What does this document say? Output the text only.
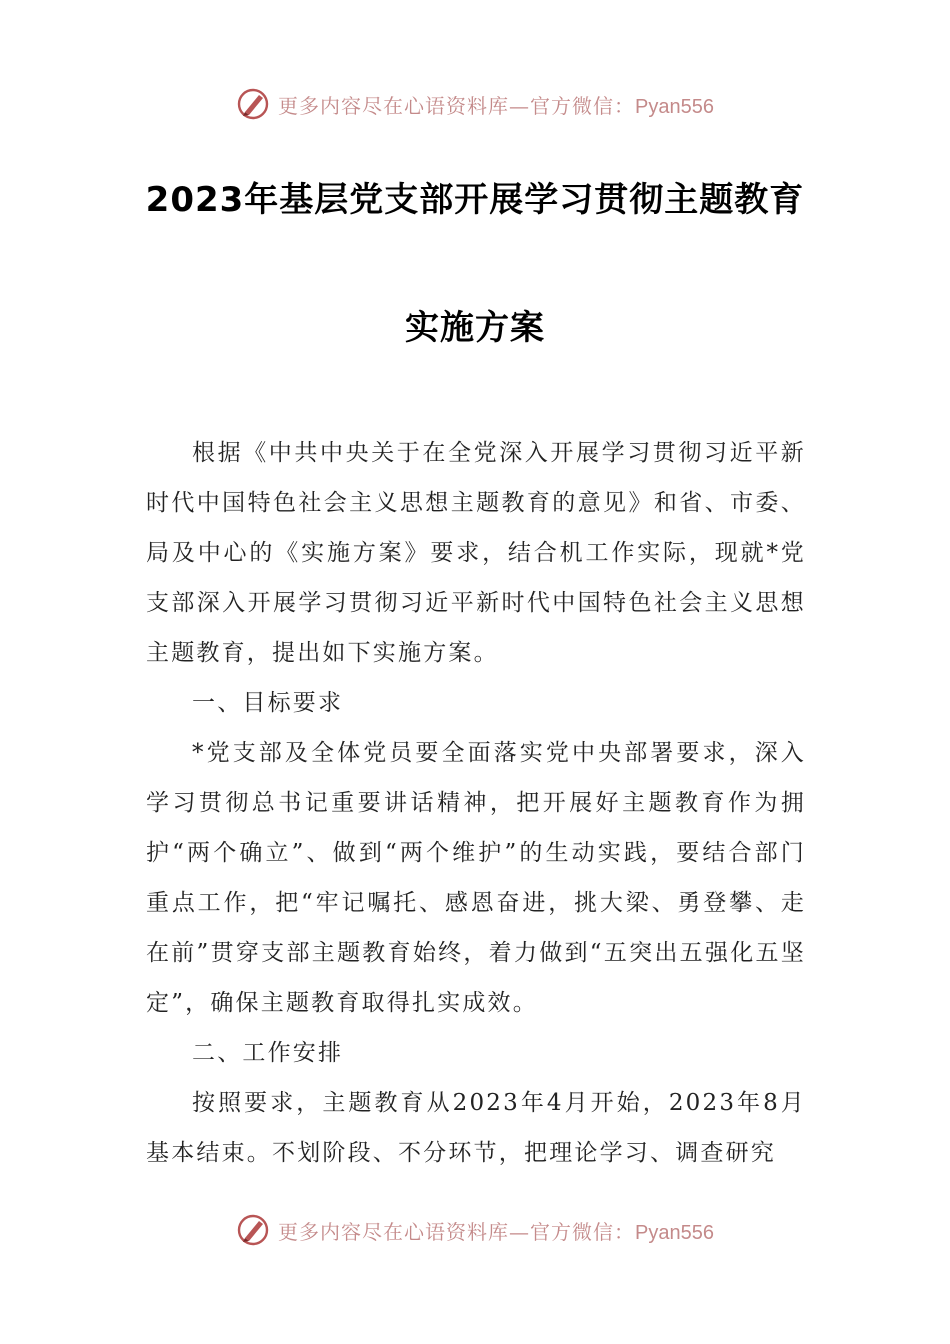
更多内容尽在心语资料库—官方微信：Pyan556
2023年基层党支部开展学习贯彻主题教育
实施方案

根据《中共中央关于在全党深入开展学习贯彻习近平新时代中国特色社会主义思想主题教育的意见》和省、市委、局及中心的《实施方案》要求，结合机工作实际，现就*党支部深入开展学习贯彻习近平新时代中国特色社会主义思想主题教育，提出如下实施方案。

一、目标要求

*党支部及全体党员要全面落实党中央部署要求，深入学习贯彻总书记重要讲话精神，把开展好主题教育作为拥护“两个确立”、做到“两个维护”的生动实践，要结合部门重点工作，把“牢记嘱托、感恩奋进，挑大梁、勇登攀、走在前”贯穿支部主题教育始终，着力做到“五突出五强化五坚定”，确保主题教育取得扎实成效。

二、工作安排

按照要求，主题教育从2023年4月开始，2023年8月基本结束。不划阶段、不分环节，把理论学习、调查研究

更多内容尽在心语资料库—官方微信：Pyan556
